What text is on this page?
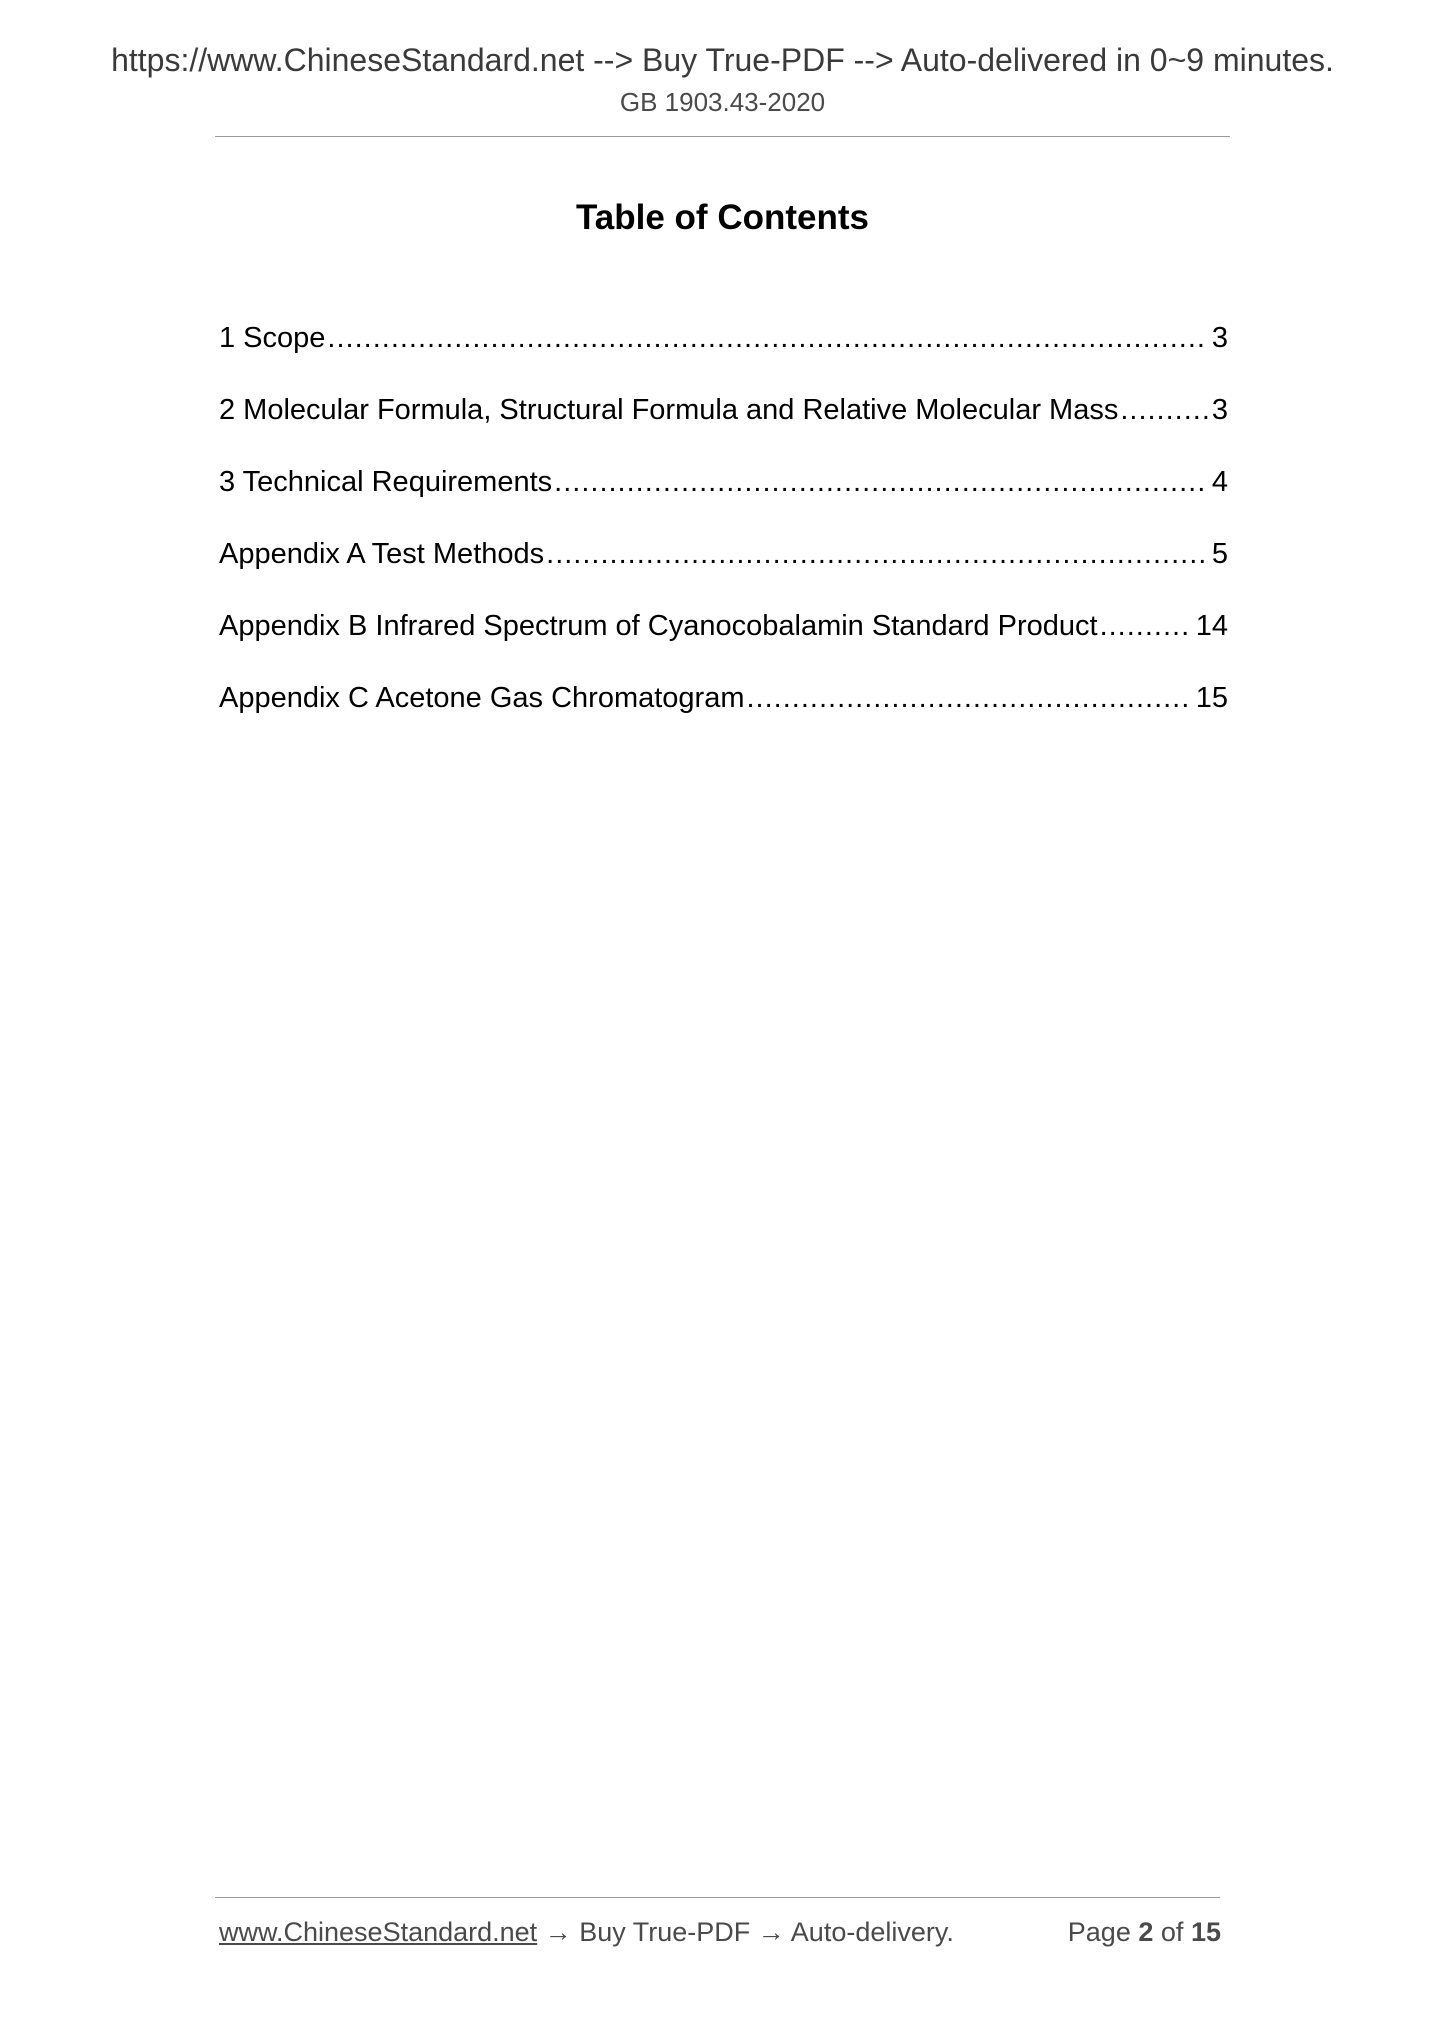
https://www.ChineseStandard.net --> Buy True-PDF --> Auto-delivered in 0~9 minutes.
GB 1903.43-2020
Table of Contents
1 Scope .....	3
2 Molecular Formula, Structural Formula and Relative Molecular Mass .....	3
3 Technical Requirements .....	4
Appendix A Test Methods .....	5
Appendix B Infrared Spectrum of Cyanocobalamin Standard Product .....	14
Appendix C Acetone Gas Chromatogram .....	15
www.ChineseStandard.net → Buy True-PDF → Auto-delivery.	Page 2 of 15
